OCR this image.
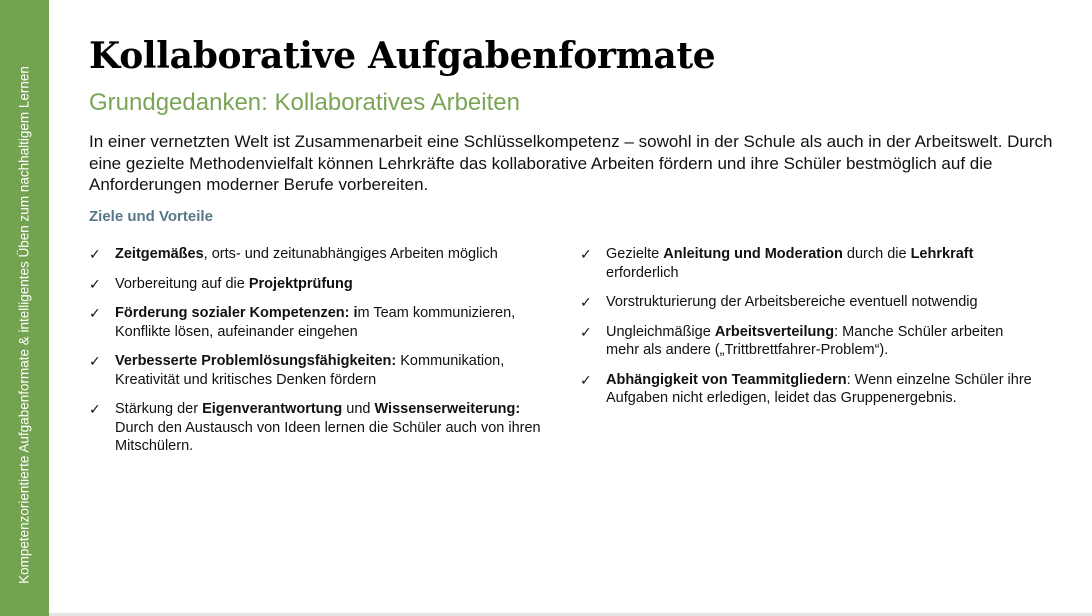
Kompetenzorientierte Aufgabenformate & intelligentes Üben zum nachhaltigem Lernen
Kollaborative Aufgabenformate
Grundgedanken: Kollaboratives Arbeiten

In einer vernetzten Welt ist Zusammenarbeit eine Schlüsselkompetenz – sowohl in der Schule als auch in der Arbeitswelt. Durch eine gezielte Methodenvielfalt können Lehrkräfte das kollaborative Arbeiten fördern und ihre Schüler bestmöglich auf die Anforderungen moderner Berufe vorbereiten.

Ziele und Vorteile
✓ Zeitgemäßes, orts- und zeitunabhängiges Arbeiten möglich
✓ Vorbereitung auf die Projektprüfung
✓ Förderung sozialer Kompetenzen: im Team kommunizieren, Konflikte lösen, aufeinander eingehen
✓ Verbesserte Problemlösungsfähigkeiten: Kommunikation, Kreativität und kritisches Denken fördern
✓ Stärkung der Eigenverantwortung und Wissenserweiterung: Durch den Austausch von Ideen lernen die Schüler auch von ihren Mitschülern.
✓ Gezielte Anleitung und Moderation durch die Lehrkraft erforderlich
✓ Vorstrukturierung der Arbeitsbereiche eventuell notwendig
✓ Ungleichmäßige Arbeitsverteilung: Manche Schüler arbeiten mehr als andere („Trittbrettfahrer-Problem“).
✓ Abhängigkeit von Teammitgliedern: Wenn einzelne Schüler ihre Aufgaben nicht erledigen, leidet das Gruppenergebnis.
